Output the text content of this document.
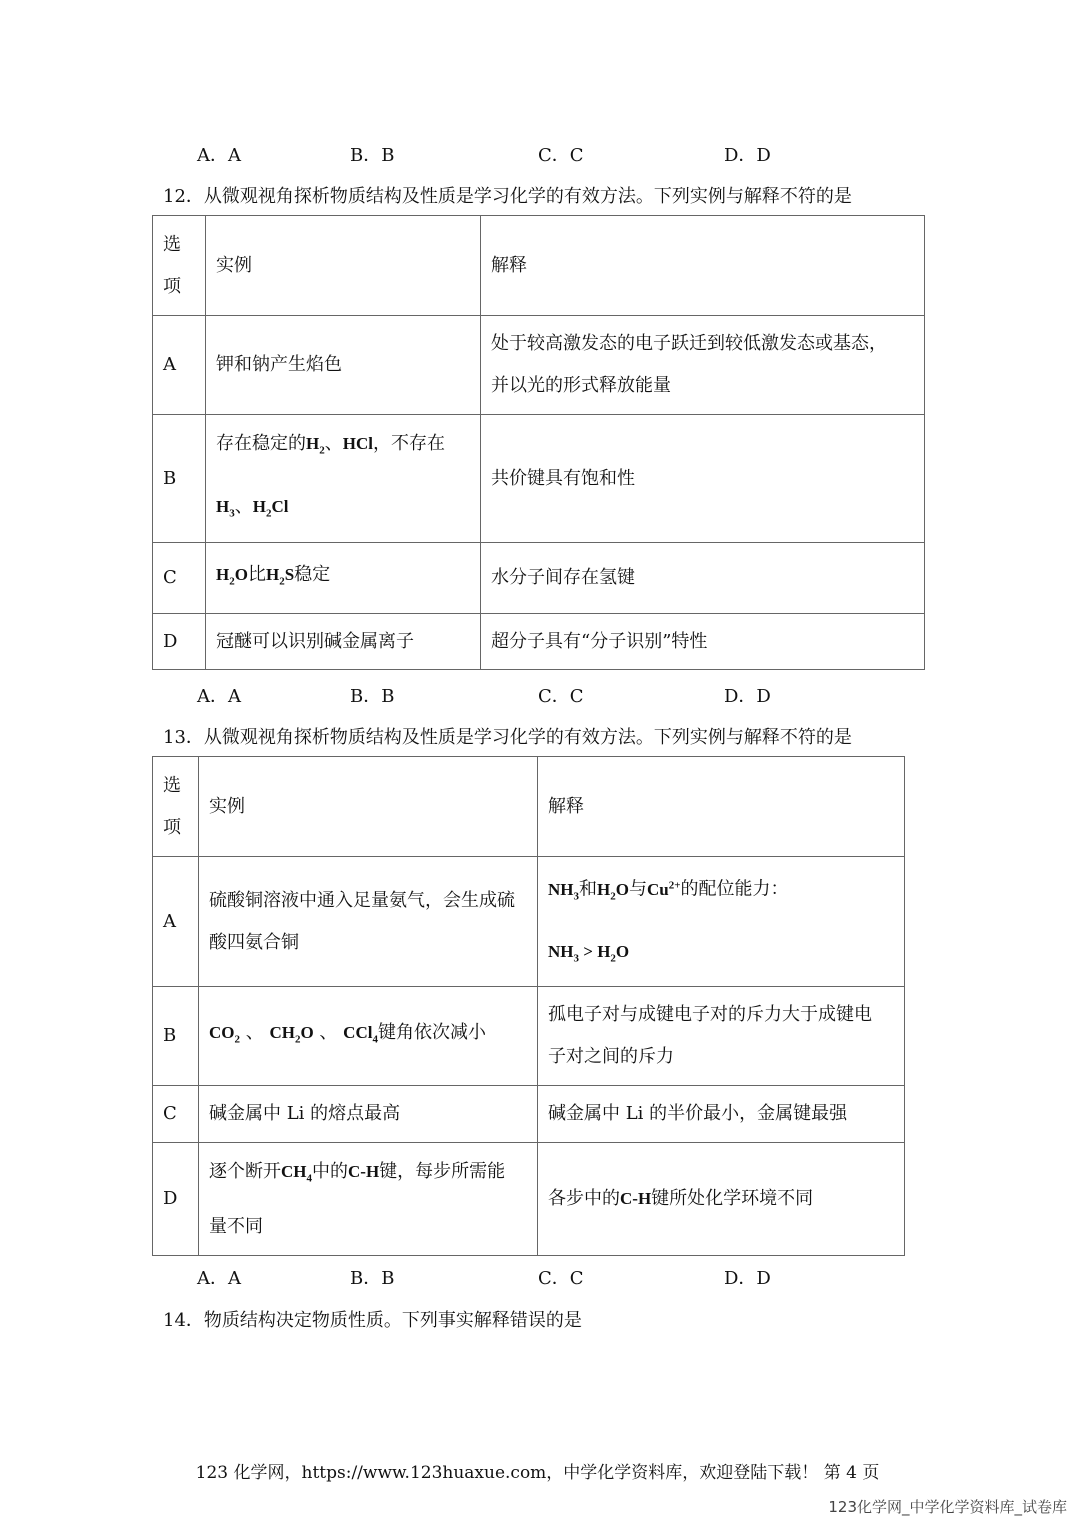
A．A	B．B	C．C	D．D
12．从微观视角探析物质结构及性质是学习化学的有效方法。下列实例与解释不符的是
选
项	实例	解释
A	钾和钠产生焰色	处于较高激发态的电子跃迁到较低激发态或基态，
并以光的形式释放能量
B	存在稳定的$H_2$、HCl，不存在
$H_3$、$H_2Cl$	共价键具有饱和性
C	$H_2O$比$H_2S$稳定	水分子间存在氢键
D	冠醚可以识别碱金属离子	超分子具有“分子识别”特性
A．A	B．B	C．C	D．D
13．从微观视角探析物质结构及性质是学习化学的有效方法。下列实例与解释不符的是
选
项	实例	解释
A	硫酸铜溶液中通入足量氨气，会生成硫
酸四氨合铜	$NH_3$和$H_2O$与$Cu^{2+}$的配位能力：
$NH_3 > H_2O$
B	$CO_2$ 、 $CH_2O$ 、 CCl$_4$键角依次减小	孤电子对与成键电子对的斥力大于成键电
子对之间的斥力
C	碱金属中 Li 的熔点最高	碱金属中 Li 的半价最小，金属键最强
D	逐个断开$CH_4$中的C-H键，每步所需能
量不同	各步中的C-H键所处化学环境不同
A．A	B．B	C．C	D．D
14．物质结构决定物质性质。下列事实解释错误的是
123 化学网，https://www.123huaxue.com，中学化学资料库，欢迎登陆下载！ 第 4 页
123化学网_中学化学资料库_试卷库
